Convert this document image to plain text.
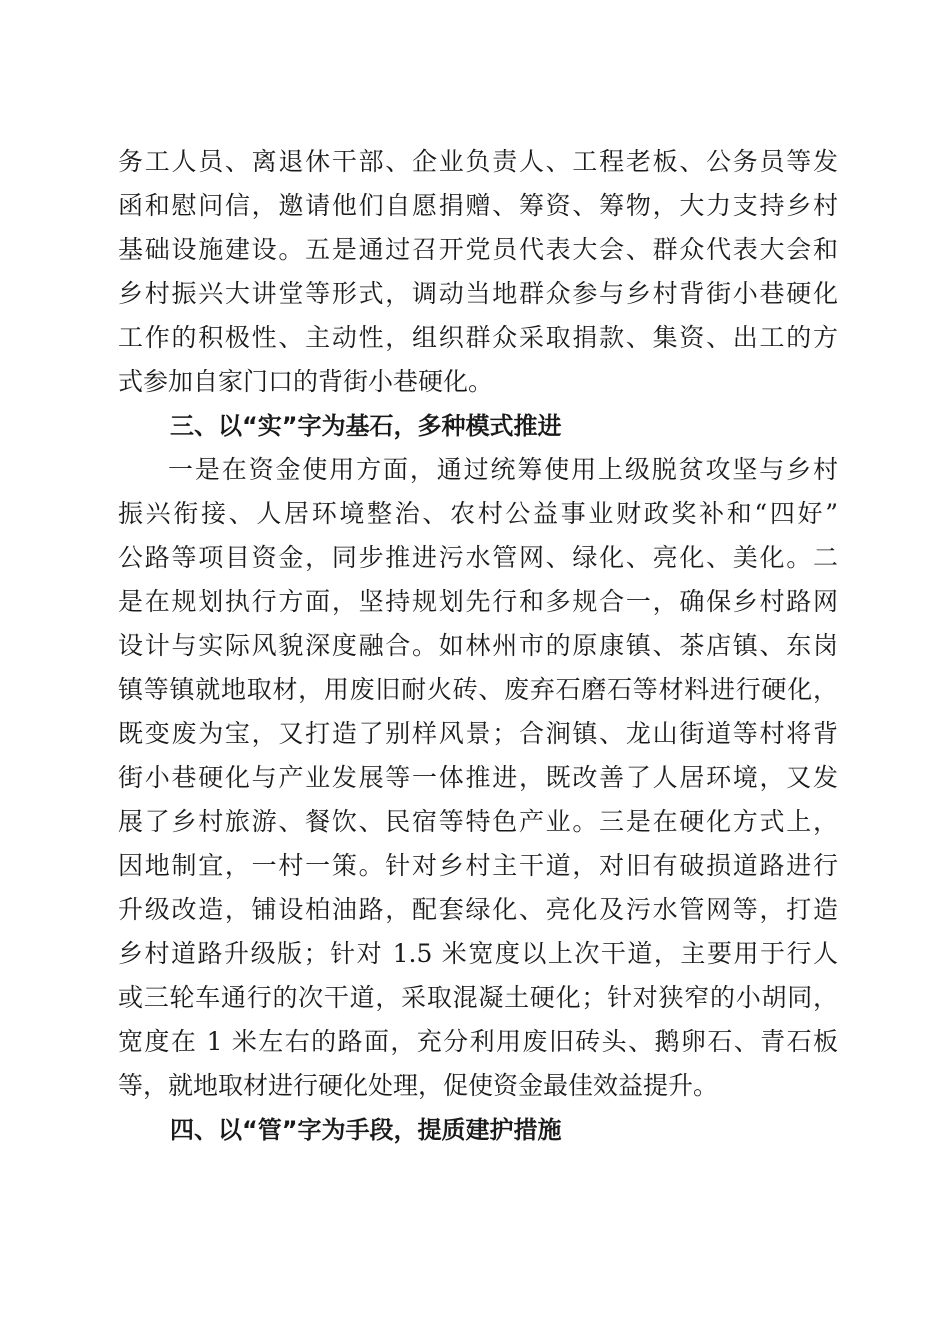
务工人员、离退休干部、企业负责人、工程老板、公务员等发
函和慰问信，邀请他们自愿捐赠、筹资、筹物，大力支持乡村
基础设施建设。五是通过召开党员代表大会、群众代表大会和
乡村振兴大讲堂等形式，调动当地群众参与乡村背街小巷硬化
工作的积极性、主动性，组织群众采取捐款、集资、出工的方
式参加自家门口的背街小巷硬化。
三、以“实”字为基石，多种模式推进
一是在资金使用方面，通过统筹使用上级脱贫攻坚与乡村
振兴衔接、人居环境整治、农村公益事业财政奖补和“四好”
公路等项目资金，同步推进污水管网、绿化、亮化、美化。二
是在规划执行方面，坚持规划先行和多规合一，确保乡村路网
设计与实际风貌深度融合。如林州市的原康镇、茶店镇、东岗
镇等镇就地取材，用废旧耐火砖、废弃石磨石等材料进行硬化，
既变废为宝，又打造了别样风景；合涧镇、龙山街道等村将背
街小巷硬化与产业发展等一体推进，既改善了人居环境，又发
展了乡村旅游、餐饮、民宿等特色产业。三是在硬化方式上，
因地制宜，一村一策。针对乡村主干道，对旧有破损道路进行
升级改造，铺设柏油路，配套绿化、亮化及污水管网等，打造
乡村道路升级版；针对 1.5 米宽度以上次干道，主要用于行人
或三轮车通行的次干道，采取混凝土硬化；针对狭窄的小胡同，
宽度在 1 米左右的路面，充分利用废旧砖头、鹅卵石、青石板
等，就地取材进行硬化处理，促使资金最佳效益提升。
四、以“管”字为手段，提质建护措施
